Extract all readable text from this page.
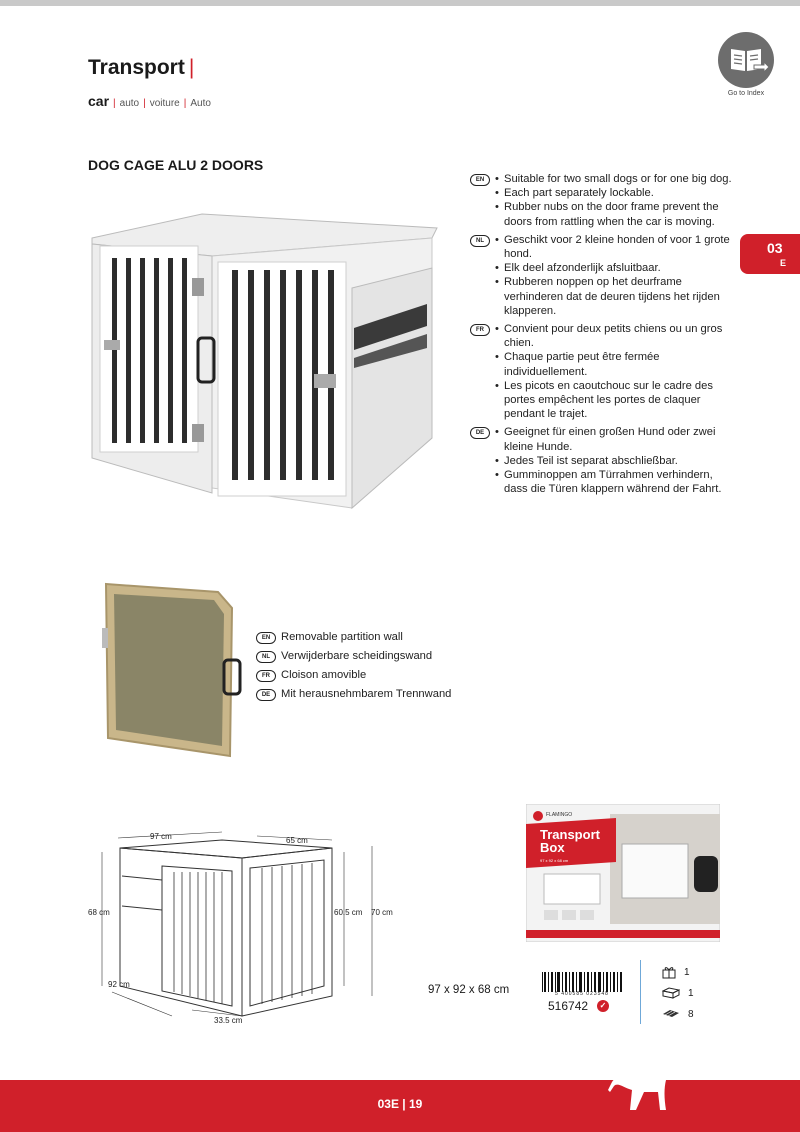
Transport |
car | auto | voiture | Auto
Go to Index
03
E
DOG CAGE ALU 2 DOORS
EN	• Suitable for two small dogs or for one big dog.
• Each part separately lockable.
• Rubber nubs on the door frame prevent the doors from rattling when the car is moving.
NL	• Geschikt voor 2 kleine honden of voor 1 grote hond.
• Elk deel afzonderlijk afsluitbaar.
• Rubberen noppen op het deurframe verhinderen dat de deuren tijdens het rijden klapperen.
FR	• Convient pour deux petits chiens ou un gros chien.
• Chaque partie peut être fermée individuellement.
• Les picots en caoutchouc sur le cadre des portes empêchent les portes de claquer pendant le trajet.
DE	• Geeignet für einen großen Hund oder zwei kleine Hunde.
• Jedes Teil ist separat abschließbar.
• Gumminoppen am Türrahmen verhindern, dass die Türen klappern während der Fahrt.
EN Removable partition wall
NL Verwijderbare scheidingswand
FR Cloison amovible
DE Mit herausnehmbarem Trennwand
97 cm	65 cm
68 cm	60.5 cm 70 cm
92 cm
33.5 cm
FLAMINGO
Transport
Box
97 x 92 x 68 cm
97 x 92 x 68 cm	5 400585 023548
516742	✓
1
1
8
03E | 19
